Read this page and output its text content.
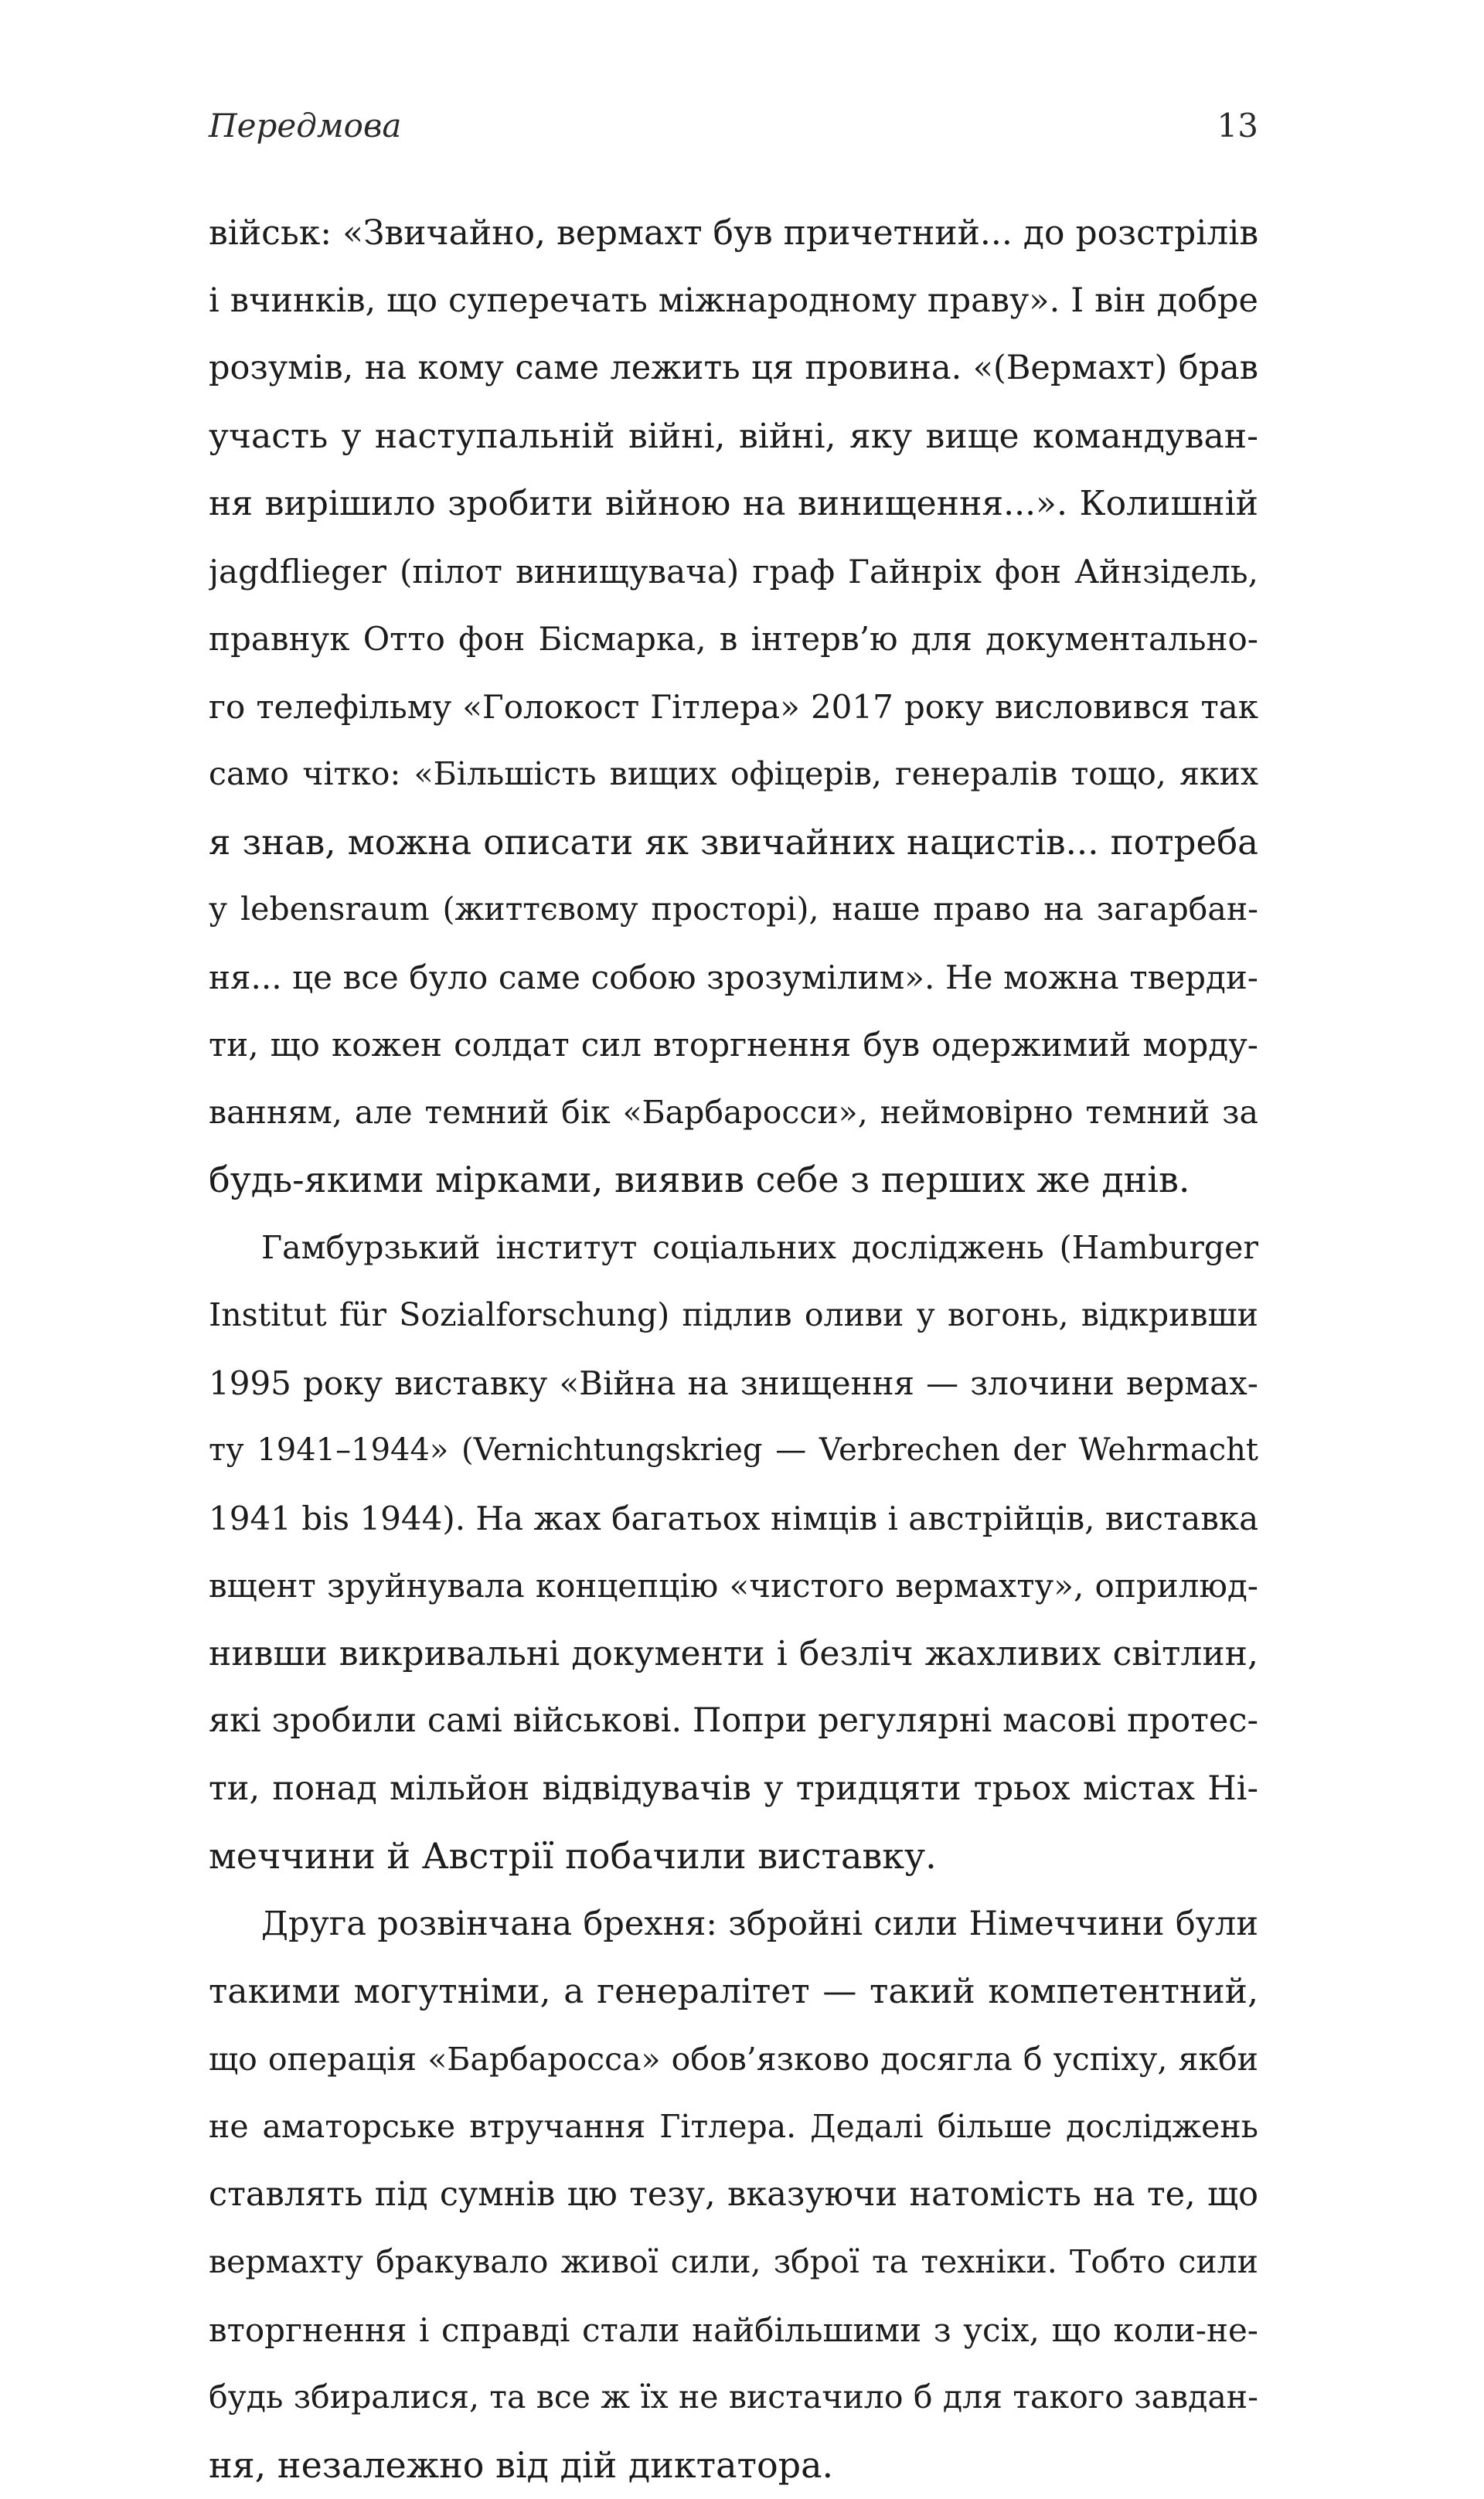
Передмова	13
військ: «Звичайно, вермахт був причетний... до розстрілів
і вчинків, що суперечать міжнародному праву». І він добре
розумів, на кому саме лежить ця провина. «(Вермахт) брав
участь у наступальній війні, війні, яку вище командуван-
ня вирішило зробити війною на винищення...». Колишній
jagdflieger (пілот винищувача) граф Гайнріх фон Айнзідель,
правнук Отто фон Бісмарка, в інтерв’ю для документально-
го телефільму «Голокост Гітлера» 2017 року висловився так
само чітко: «Більшість вищих офіцерів, генералів тощо, яких
я знав, можна описати як звичайних нацистів... потреба
у lebensraum (життєвому просторі), наше право на загарбан-
ня... це все було саме собою зрозумілим». Не можна тверди-
ти, що кожен солдат сил вторгнення був одержимий морду-
ванням, але темний бік «Барбаросси», неймовірно темний за
будь-якими мірками, виявив себе з перших же днів.
Гамбурзький інститут соціальних досліджень (Hamburger
Institut für Sozialforschung) підлив оливи у вогонь, відкривши
1995 року виставку «Війна на знищення — злочини вермах-
ту 1941–1944» (Vernichtungskrieg — Verbrechen der Wehrmacht
1941 bis 1944). На жах багатьох німців і австрійців, виставка
вщент зруйнувала концепцію «чистого вермахту», оприлюд-
нивши викривальні документи і безліч жахливих світлин,
які зробили самі військові. Попри регулярні масові протес-
ти, понад мільйон відвідувачів у тридцяти трьох містах Ні-
меччини й Австрії побачили виставку.
Друга розвінчана брехня: збройні сили Німеччини були
такими могутніми, а генералітет — такий компетентний,
що операція «Барбаросса» обов’язково досягла б успіху, якби
не аматорське втручання Гітлера. Дедалі більше досліджень
ставлять під сумнів цю тезу, вказуючи натомість на те, що
вермахту бракувало живої сили, зброї та техніки. Тобто сили
вторгнення і справді стали найбільшими з усіх, що коли-не-
будь збиралися, та все ж їх не вистачило б для такого завдан-
ня, незалежно від дій диктатора.
